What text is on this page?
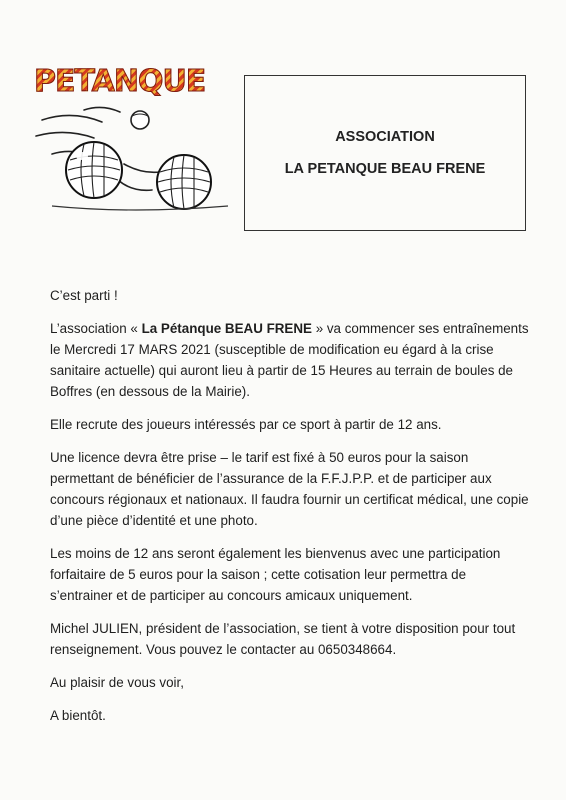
PETANQUE
ASSOCIATION
LA PETANQUE BEAU FRENE

C’est parti !

L’association « La Pétanque BEAU FRENE » va commencer ses entraînements le Mercredi 17 MARS 2021 (susceptible de modification eu égard à la crise sanitaire actuelle) qui auront lieu à partir de 15 Heures au terrain de boules de Boffres (en dessous de la Mairie).

Elle recrute des joueurs intéressés par ce sport à partir de 12 ans.

Une licence devra être prise – le tarif est fixé à 50 euros pour la saison permettant de bénéficier de l’assurance de la F.F.J.P.P. et de participer aux concours régionaux et nationaux. Il faudra fournir un certificat médical, une copie d’une pièce d’identité et une photo.

Les moins de 12 ans seront également les bienvenus avec une participation forfaitaire de 5 euros pour la saison ; cette cotisation leur permettra de s’entrainer et de participer au concours amicaux uniquement.

Michel JULIEN, président de l’association, se tient à votre disposition pour tout renseignement. Vous pouvez le contacter au 0650348664.

Au plaisir de vous voir,

A bientôt.
